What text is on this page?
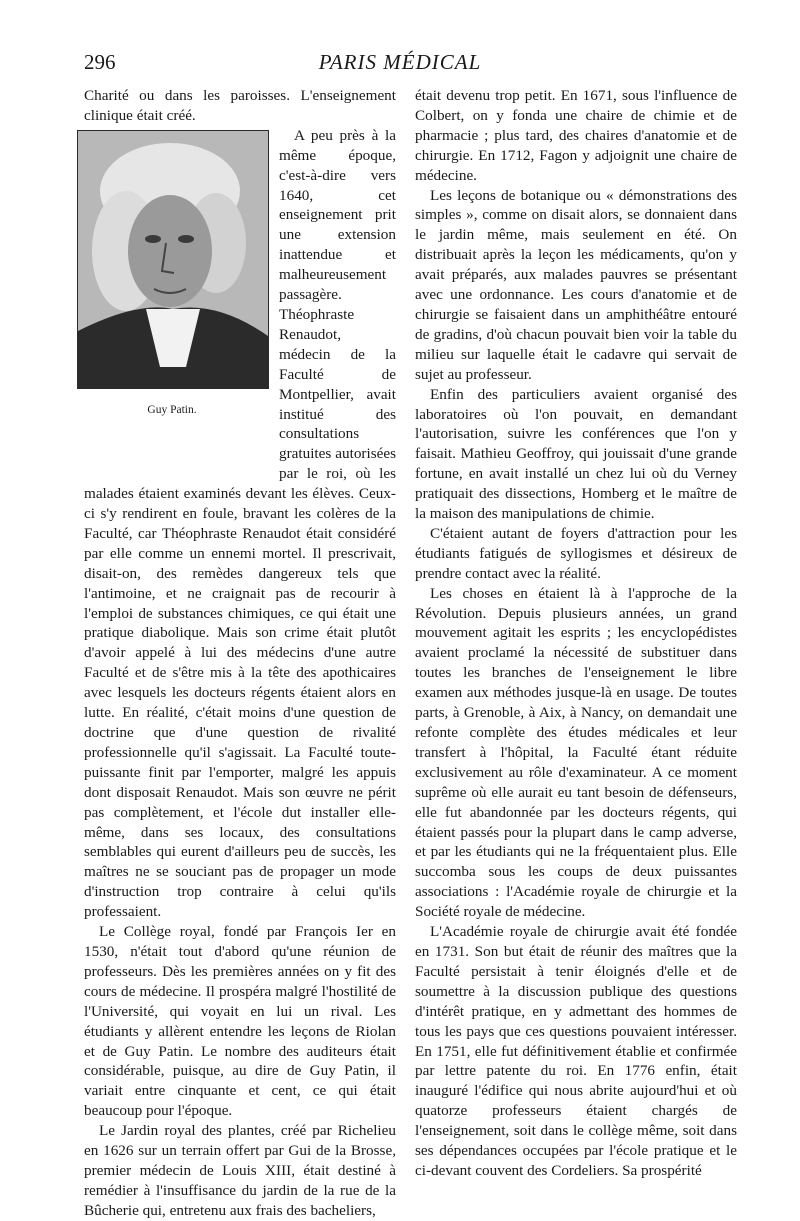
296	PARIS MÉDICAL

Charité ou dans les paroisses. L'enseignement clinique était créé.

Guy Patin.

A peu près à la même époque, c'est-à-dire vers 1640, cet enseignement prit une extension inattendue et malheureusement passagère. Théophraste Renaudot, médecin de la Faculté de Montpellier, avait institué des consultations gratuites autorisées par le roi, où les malades étaient examinés devant les élèves. Ceux-ci s'y rendirent en foule, bravant les colères de la Faculté, car Théophraste Renaudot était considéré par elle comme un ennemi mortel. Il prescrivait, disait-on, des remèdes dangereux tels que l'antimoine, et ne craignait pas de recourir à l'emploi de substances chimiques, ce qui était une pratique diabolique. Mais son crime était plutôt d'avoir appelé à lui des médecins d'une autre Faculté et de s'être mis à la tête des apothicaires avec lesquels les docteurs régents étaient alors en lutte. En réalité, c'était moins d'une question de doctrine que d'une question de rivalité professionnelle qu'il s'agissait. La Faculté toute-puissante finit par l'emporter, malgré les appuis dont disposait Renaudot. Mais son œuvre ne périt pas complètement, et l'école dut installer elle-même, dans ses locaux, des consultations semblables qui eurent d'ailleurs peu de succès, les maîtres ne se souciant pas de propager un mode d'instruction trop contraire à celui qu'ils professaient.

Le Collège royal, fondé par François Ier en 1530, n'était tout d'abord qu'une réunion de professeurs. Dès les premières années on y fit des cours de médecine. Il prospéra malgré l'hostilité de l'Université, qui voyait en lui un rival. Les étudiants y allèrent entendre les leçons de Riolan et de Guy Patin. Le nombre des auditeurs était considérable, puisque, au dire de Guy Patin, il variait entre cinquante et cent, ce qui était beaucoup pour l'époque.

Le Jardin royal des plantes, créé par Richelieu en 1626 sur un terrain offert par Gui de la Brosse, premier médecin de Louis XIII, était destiné à remédier à l'insuffisance du jardin de la rue de la Bûcherie qui, entretenu aux frais des bacheliers,

était devenu trop petit. En 1671, sous l'influence de Colbert, on y fonda une chaire de chimie et de pharmacie ; plus tard, des chaires d'anatomie et de chirurgie. En 1712, Fagon y adjoignit une chaire de médecine.

Les leçons de botanique ou « démonstrations des simples », comme on disait alors, se donnaient dans le jardin même, mais seulement en été. On distribuait après la leçon les médicaments, qu'on y avait préparés, aux malades pauvres se présentant avec une ordonnance. Les cours d'anatomie et de chirurgie se faisaient dans un amphithéâtre entouré de gradins, d'où chacun pouvait bien voir la table du milieu sur laquelle était le cadavre qui servait de sujet au professeur.

Enfin des particuliers avaient organisé des laboratoires où l'on pouvait, en demandant l'autorisation, suivre les conférences que l'on y faisait. Mathieu Geoffroy, qui jouissait d'une grande fortune, en avait installé un chez lui où du Verney pratiquait des dissections, Homberg et le maître de la maison des manipulations de chimie.

C'étaient autant de foyers d'attraction pour les étudiants fatigués de syllogismes et désireux de prendre contact avec la réalité.

Les choses en étaient là à l'approche de la Révolution. Depuis plusieurs années, un grand mouvement agitait les esprits ; les encyclopédistes avaient proclamé la nécessité de substituer dans toutes les branches de l'enseignement le libre examen aux méthodes jusque-là en usage. De toutes parts, à Grenoble, à Aix, à Nancy, on demandait une refonte complète des études médicales et leur transfert à l'hôpital, la Faculté étant réduite exclusivement au rôle d'examinateur. A ce moment suprême où elle aurait eu tant besoin de défenseurs, elle fut abandonnée par les docteurs régents, qui étaient passés pour la plupart dans le camp adverse, et par les étudiants qui ne la fréquentaient plus. Elle succomba sous les coups de deux puissantes associations : l'Académie royale de chirurgie et la Société royale de médecine.

L'Académie royale de chirurgie avait été fondée en 1731. Son but était de réunir des maîtres que la Faculté persistait à tenir éloignés d'elle et de soumettre à la discussion publique des questions d'intérêt pratique, en y admettant des hommes de tous les pays que ces questions pouvaient intéresser. En 1751, elle fut définitivement établie et confirmée par lettre patente du roi. En 1776 enfin, était inauguré l'édifice qui nous abrite aujourd'hui et où quatorze professeurs étaient chargés de l'enseignement, soit dans le collège même, soit dans ses dépendances occupées par l'école pratique et le ci-devant couvent des Cordeliers. Sa prospérité
